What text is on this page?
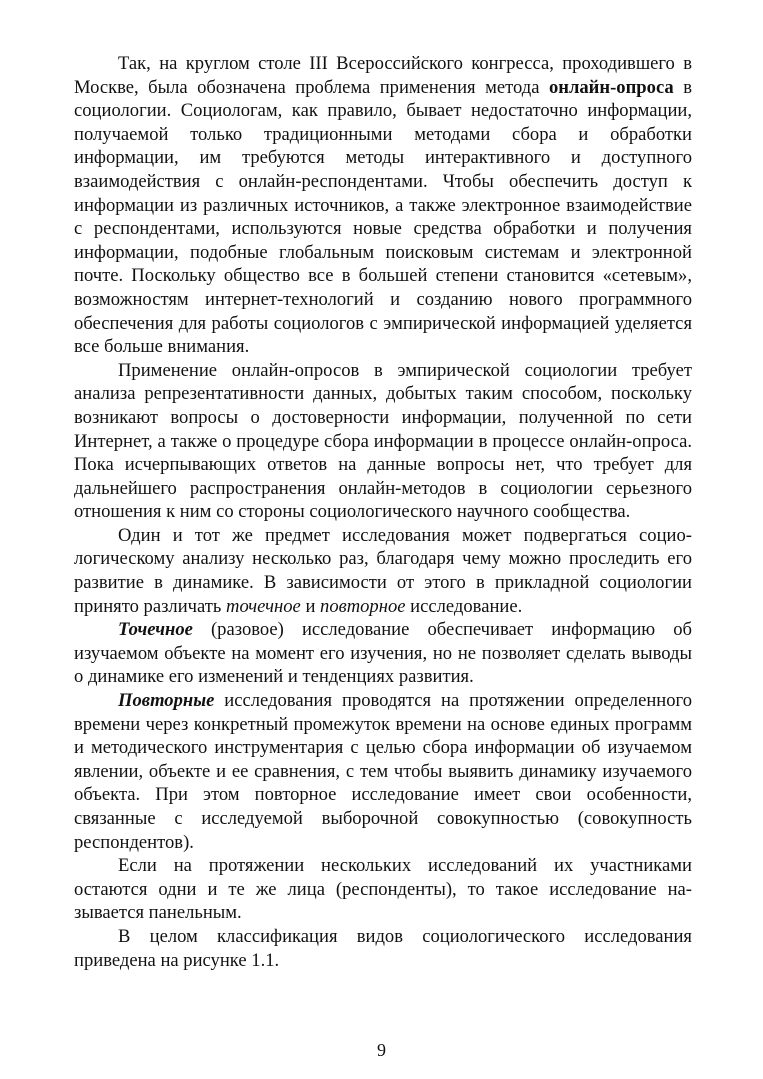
Так, на круглом столе III Всероссийского конгресса, проходившего в Москве, была обозначена проблема применения метода онлайн-опроса в социологии. Социологам, как правило, бывает недостаточно информации, получаемой только традиционными методами сбора и обработки информации, им требуются методы интерактивного и доступного взаимодействия с онлайн-респондентами. Чтобы обеспечить доступ к информации из различных источников, а также электронное взаимодействие с респондентами, используются новые средства обработки и получения информации, подобные глобальным поисковым системам и электронной почте. Поскольку общество все в большей степени становится «сетевым», возможностям интернет-технологий и созданию нового программного обеспечения для работы социологов с эмпирической информацией уделяется все больше внимания.

Применение онлайн-опросов в эмпирической социологии требует анализа репрезентативности данных, добытых таким способом, поскольку возникают вопросы о достоверности информации, полученной по сети Интернет, а также о процедуре сбора информации в процессе онлайн-опроса. Пока исчерпывающих ответов на данные вопросы нет, что требует для дальнейшего распространения онлайн-методов в социологии серьезного отношения к ним со стороны социологического научного сообщества.

Один и тот же предмет исследования может подвергаться социологическому анализу несколько раз, благодаря чему можно проследить его развитие в динамике. В зависимости от этого в прикладной социологии принято различать точечное и повторное исследование.

Точечное (разовое) исследование обеспечивает информацию об изучаемом объекте на момент его изучения, но не позволяет сделать выводы о динамике его изменений и тенденциях развития.

Повторные исследования проводятся на протяжении определенного времени через конкретный промежуток времени на основе единых программ и методического инструментария с целью сбора информации об изучаемом явлении, объекте и ее сравнения, с тем чтобы выявить динамику изучаемого объекта. При этом повторное исследование имеет свои особенности, связанные с исследуемой выборочной совокупностью (совокупность респондентов).

Если на протяжении нескольких исследований их участниками остаются одни и те же лица (респонденты), то такое исследование называется панельным.

В целом классификация видов социологического исследования приведена на рисунке 1.1.

9
